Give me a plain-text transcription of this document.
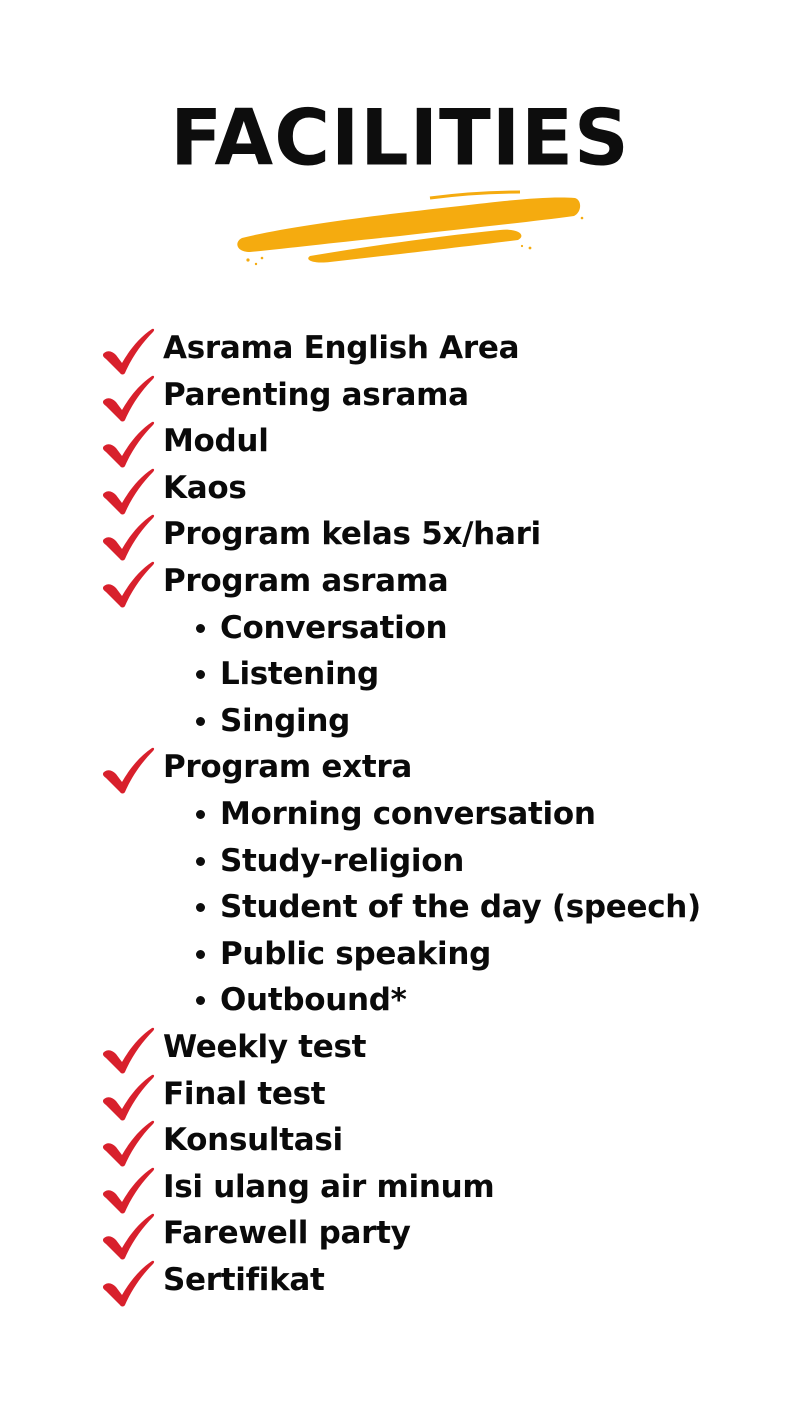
FACILITIES
Asrama English Area
Parenting asrama
Modul
Kaos
Program kelas 5x/hari
Program asrama
Conversation
Listening
Singing
Program extra
Morning conversation
Study-religion
Student of the day (speech)
Public speaking
Outbound*
Weekly test
Final test
Konsultasi
Isi ulang air minum
Farewell party
Sertifikat
